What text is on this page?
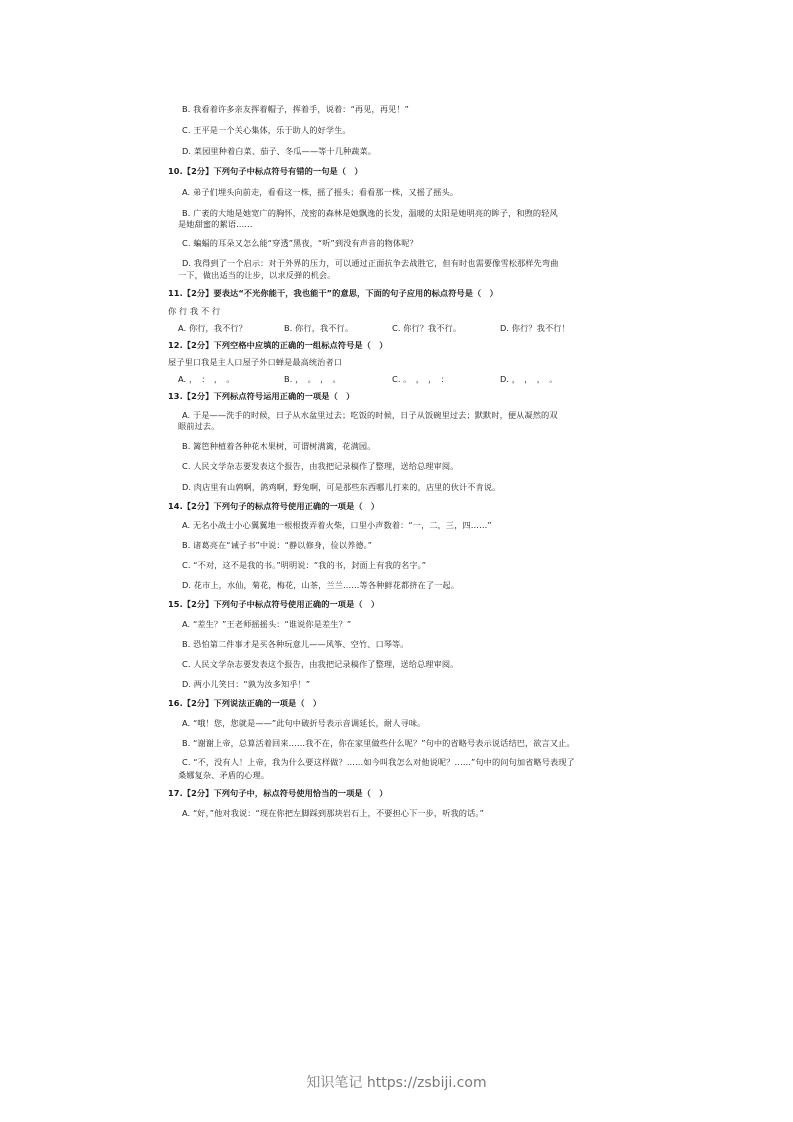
B. 我看着许多亲友挥着帽子，挥着手，说着：“再见，再见！”
C. 王平是一个关心集体，乐于助人的好学生。
D. 菜园里种着白菜、茄子、冬瓜——等十几种蔬菜。
10.【2分】下列句子中标点符号有错的一句是（　）
A. 弟子们埋头向前走，看看这一株，摇了摇头；看看那一株，又摇了摇头。
B. 广袤的大地是她宽广的胸怀，茂密的森林是她飘逸的长发，温暖的太阳是她明亮的眸子，和煦的轻风
是她甜蜜的絮语……
C. 蝙蝠的耳朵又怎么能“穿透”黑夜，“听”到没有声音的物体呢？
D. 我得到了一个启示：对于外界的压力，可以通过正面抗争去战胜它，但有时也需要像雪松那样先弯曲
一下，做出适当的让步，以求反弹的机会。
11.【2分】要表达“不光你能干，我也能干”的意思，下面的句子应用的标点符号是（　）
你 行 我 不 行
A. 你行，我不行？	B. 你行，我不行。	C. 你行？我不行。	D. 你行？我不行！
12.【2分】下列空格中应填的正确的一组标点符号是（　）
屋子里口我是主人口屋子外口蝉是最高统治者口
A. ，　：　，　。	B. ，　。　，　。	C. 。　，　，　：	D. ，　，　，　。
13.【2分】下列标点符号运用正确的一项是（　）
A. 于是——洗手的时候，日子从水盆里过去；吃饭的时候，日子从饭碗里过去；默默时，便从凝然的双
眼前过去。
B. 篱笆种植着各种花木果树，可谓树满篱，花满园。
C. 人民文学杂志要发表这个报告，由我把记录稿作了整理，送给总理审阅。
D. 肉店里有山鹑啊，鸽鸡啊，野兔啊，可是那些东西哪儿打来的，店里的伙计不肯说。
14.【2分】下列句子的标点符号使用正确的一项是（　）
A. 无名小战士小心翼翼地一根根拨弄着火柴，口里小声数着：“一，二，三，四……”
B. 诸葛亮在“诫子书”中说：“静以修身，俭以养德。”
C. “不对，这不是我的书。”明明说：“我的书，封面上有我的名字。”
D. 花市上，水仙，菊花，梅花，山茶，兰兰……等各种鲜花都挤在了一起。
15.【2分】下列句子中标点符号使用正确的一项是（　）
A. “差生？”王老师摇摇头：“谁说你是差生？”
B. 恐怕第二件事才是买各种玩意儿——风筝、空竹、口琴等。
C. 人民文学杂志要发表这个报告，由我把记录稿作了整理，送给总理审阅。
D. 两小儿笑曰：“孰为汝多知乎！”
16.【2分】下列说法正确的一项是（　）
A. “哦！您，您就是——”此句中破折号表示音调延长，耐人寻味。
B. “谢谢上帝，总算活着回来……我不在，你在家里做些什么呢？”句中的省略号表示说话结巴，欲言又止。
C. “不，没有人！上帝，我为什么要这样做？……如今叫我怎么对他说呢？……”句中的问句加省略号表现了
桑娜复杂、矛盾的心理。
17.【2分】下列句子中，标点符号使用恰当的一项是（　）
A. “好，”他对我说：“现在你把左脚踩到那块岩石上，不要担心下一步，听我的话。”
知识笔记 https://zsbiji.com
